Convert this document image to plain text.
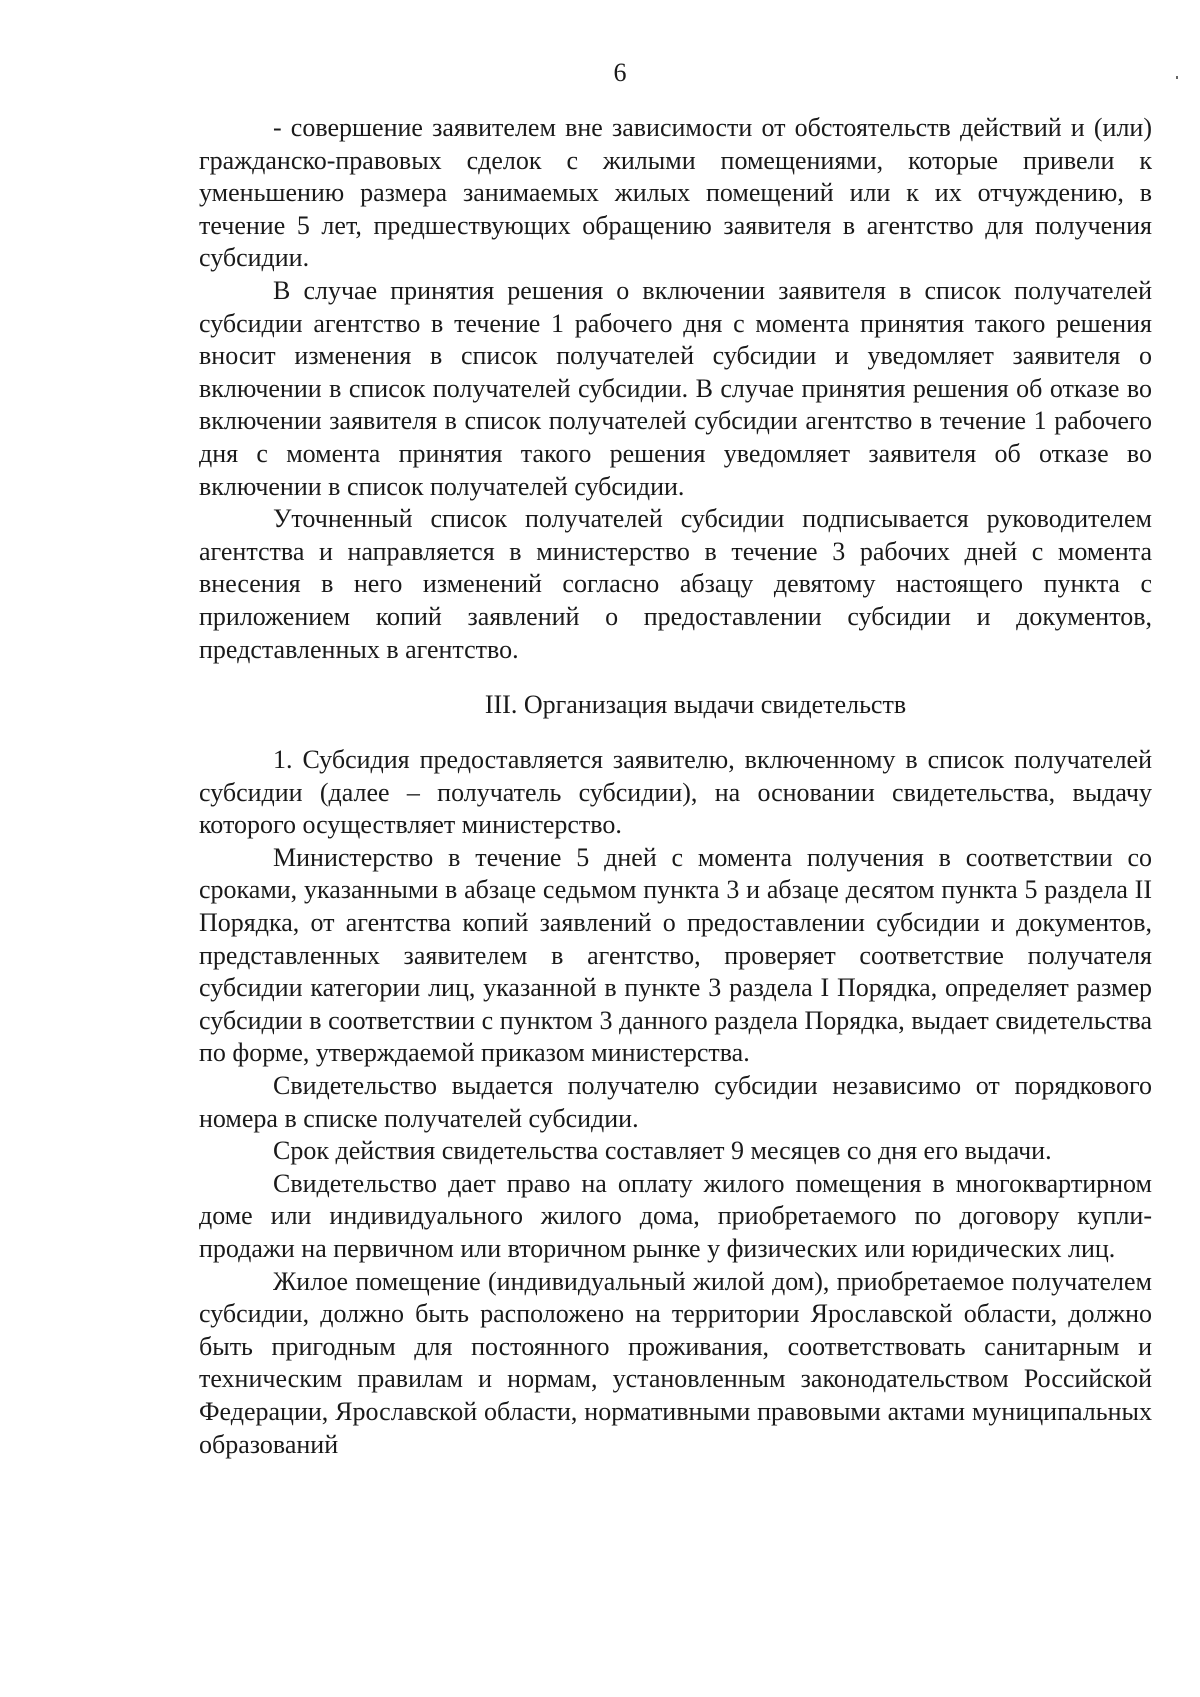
6

- совершение заявителем вне зависимости от обстоятельств действий и (или) гражданско-правовых сделок с жилыми помещениями, которые привели к уменьшению размера занимаемых жилых помещений или к их отчуждению, в течение 5 лет, предшествующих обращению заявителя в агентство для получения субсидии.

В случае принятия решения о включении заявителя в список получателей субсидии агентство в течение 1 рабочего дня с момента принятия такого решения вносит изменения в список получателей субсидии и уведомляет заявителя о включении в список получателей субсидии. В случае принятия решения об отказе во включении заявителя в список получателей субсидии агентство в течение 1 рабочего дня с момента принятия такого решения уведомляет заявителя об отказе во включении в список получателей субсидии.

Уточненный список получателей субсидии подписывается руководителем агентства и направляется в министерство в течение 3 рабочих дней с момента внесения в него изменений согласно абзацу девятому настоящего пункта с приложением копий заявлений о предоставлении субсидии и документов, представленных в агентство.

III. Организация выдачи свидетельств

1. Субсидия предоставляется заявителю, включенному в список получателей субсидии (далее – получатель субсидии), на основании свидетельства, выдачу которого осуществляет министерство.

Министерство в течение 5 дней с момента получения в соответствии со сроками, указанными в абзаце седьмом пункта 3 и абзаце десятом пункта 5 раздела II Порядка, от агентства копий заявлений о предоставлении субсидии и документов, представленных заявителем в агентство, проверяет соответствие получателя субсидии категории лиц, указанной в пункте 3 раздела I Порядка, определяет размер субсидии в соответствии с пунктом 3 данного раздела Порядка, выдает свидетельства по форме, утверждаемой приказом министерства.

Свидетельство выдается получателю субсидии независимо от порядкового номера в списке получателей субсидии.

Срок действия свидетельства составляет 9 месяцев со дня его выдачи.

Свидетельство дает право на оплату жилого помещения в многоквартирном доме или индивидуального жилого дома, приобретаемого по договору купли-продажи на первичном или вторичном рынке у физических или юридических лиц.

Жилое помещение (индивидуальный жилой дом), приобретаемое получателем субсидии, должно быть расположено на территории Ярославской области, должно быть пригодным для постоянного проживания, соответствовать санитарным и техническим правилам и нормам, установленным законодательством Российской Федерации, Ярославской области, нормативными правовыми актами муниципальных образований
